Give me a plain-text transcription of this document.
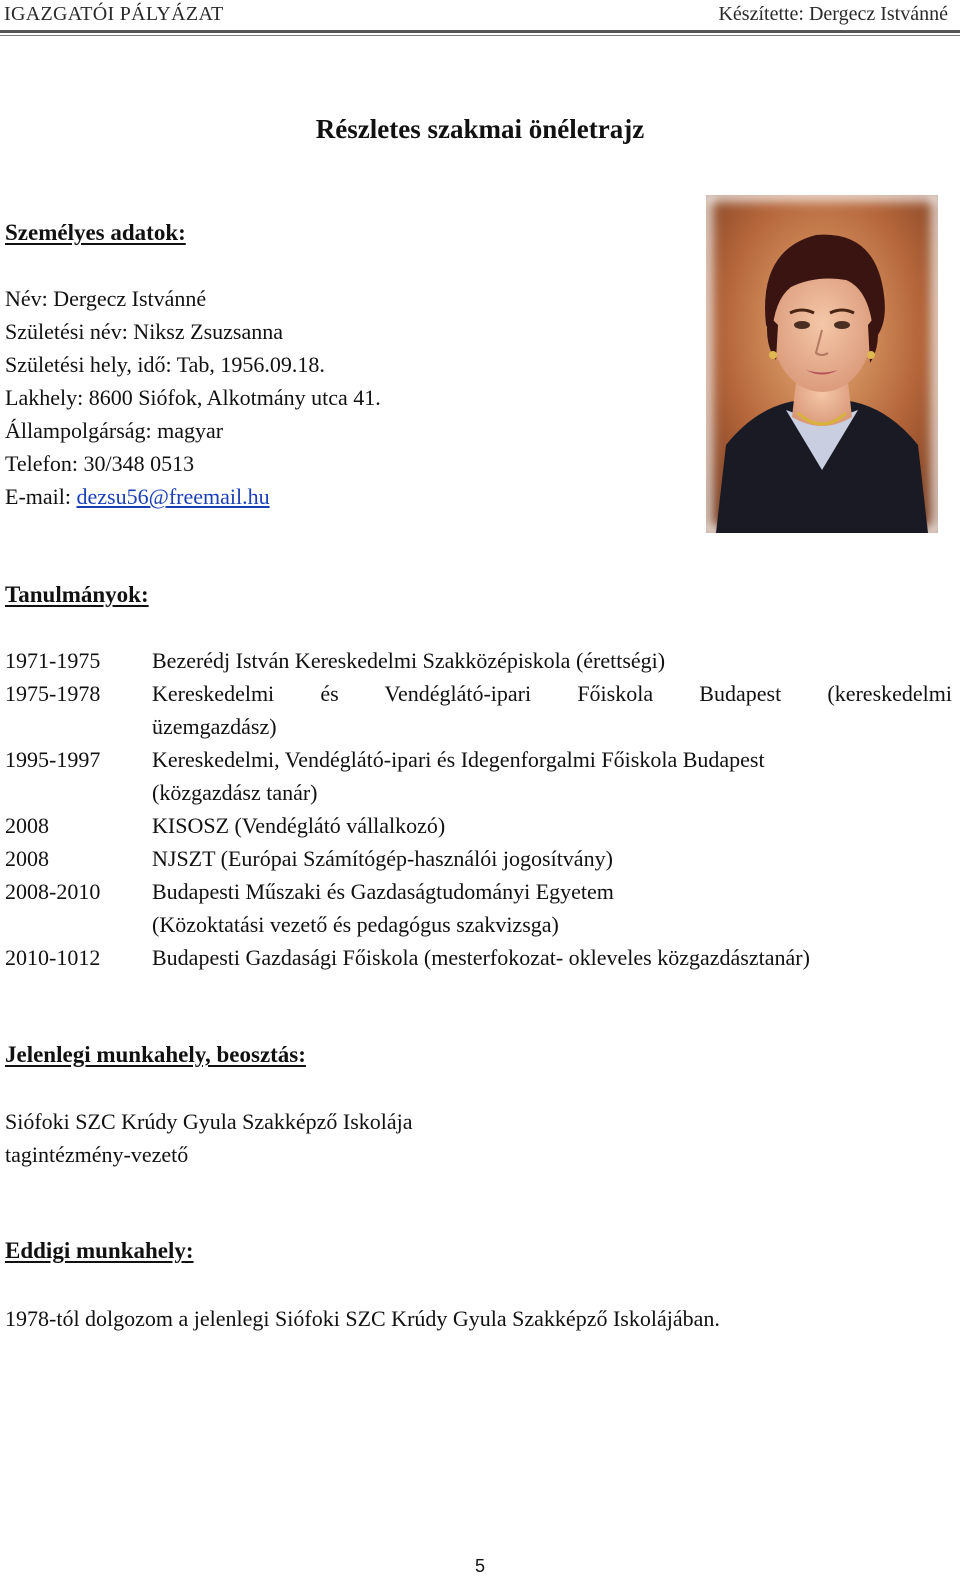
IGAZGATÓI PÁLYÁZAT	Készítette: Dergecz Istvánné
Részletes szakmai önéletrajz
Személyes adatok:
Név: Dergecz Istvánné
Születési név: Niksz Zsuzsanna
Születési hely, idő: Tab, 1956.09.18.
Lakhely: 8600 Siófok, Alkotmány utca 41.
Állampolgárság: magyar
Telefon: 30/348 0513
E-mail: dezsu56@freemail.hu
Tanulmányok:
1971-1975	Bezerédj István Kereskedelmi Szakközépiskola (érettségi)
1975-1978	Kereskedelmi és Vendéglátó-ipari Főiskola Budapest (kereskedelmi
üzemgazdász)
1995-1997	Kereskedelmi, Vendéglátó-ipari és Idegenforgalmi Főiskola Budapest
(közgazdász tanár)
2008	KISOSZ (Vendéglátó vállalkozó)
2008	NJSZT (Európai Számítógép-használói jogosítvány)
2008-2010	Budapesti Műszaki és Gazdaságtudományi Egyetem
(Közoktatási vezető és pedagógus szakvizsga)
2010-1012	Budapesti Gazdasági Főiskola (mesterfokozat- okleveles közgazdásztanár)
Jelenlegi munkahely, beosztás:
Siófoki SZC Krúdy Gyula Szakképző Iskolája
tagintézmény-vezető
Eddigi munkahely:
1978-tól dolgozom a jelenlegi Siófoki SZC Krúdy Gyula Szakképző Iskolájában.
5
